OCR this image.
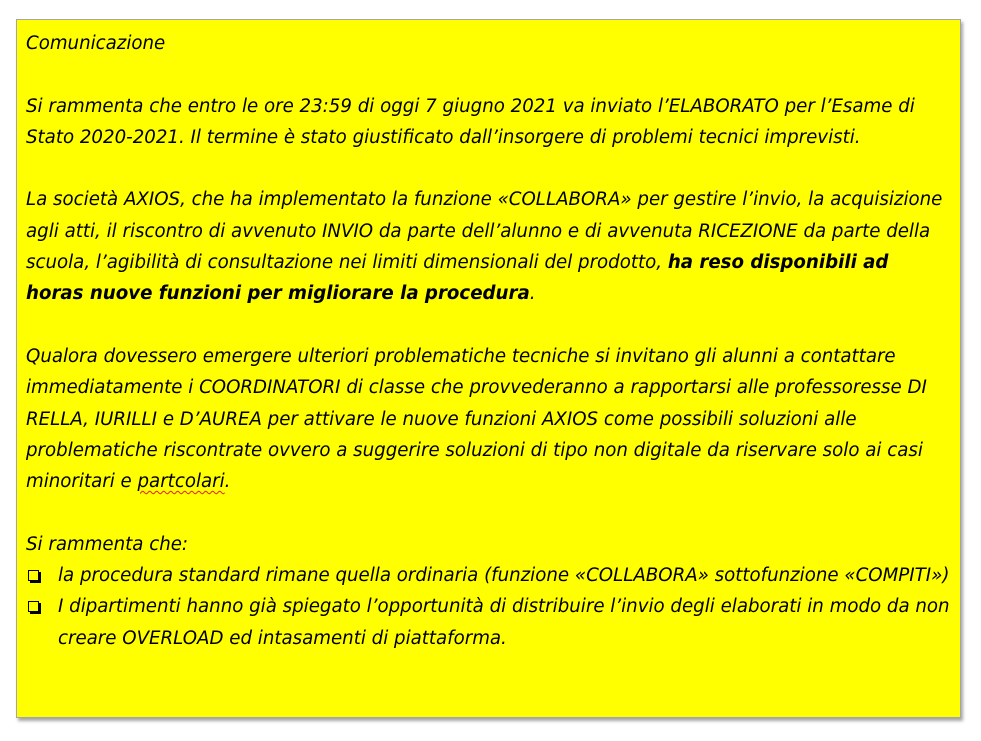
Comunicazione

Si rammenta che entro le ore 23:59 di oggi 7 giugno 2021 va inviato l’ELABORATO per l’Esame di Stato 2020-2021. Il termine è stato giustificato dall’insorgere di problemi tecnici imprevisti.

La società AXIOS, che ha implementato la funzione «COLLABORA» per gestire l’invio, la acquisizione agli atti, il riscontro di avvenuto INVIO da parte dell’alunno e di avvenuta RICEZIONE da parte della scuola, l’agibilità di consultazione nei limiti dimensionali del prodotto, ha reso disponibili ad horas nuove funzioni per migliorare la procedura.

Qualora dovessero emergere ulteriori problematiche tecniche si invitano gli alunni a contattare immediatamente i COORDINATORI di classe che provvederanno a rapportarsi alle professoresse DI RELLA, IURILLI e D’AUREA per attivare le nuove funzioni AXIOS come possibili soluzioni alle problematiche riscontrate ovvero a suggerire soluzioni di tipo non digitale da riservare solo ai casi minoritari e partcolari.

Si rammenta che:

la procedura standard rimane quella ordinaria (funzione «COLLABORA» sottofunzione «COMPITI»)
I dipartimenti hanno già spiegato l’opportunità di distribuire l’invio degli elaborati in modo da non creare OVERLOAD ed intasamenti di piattaforma.
